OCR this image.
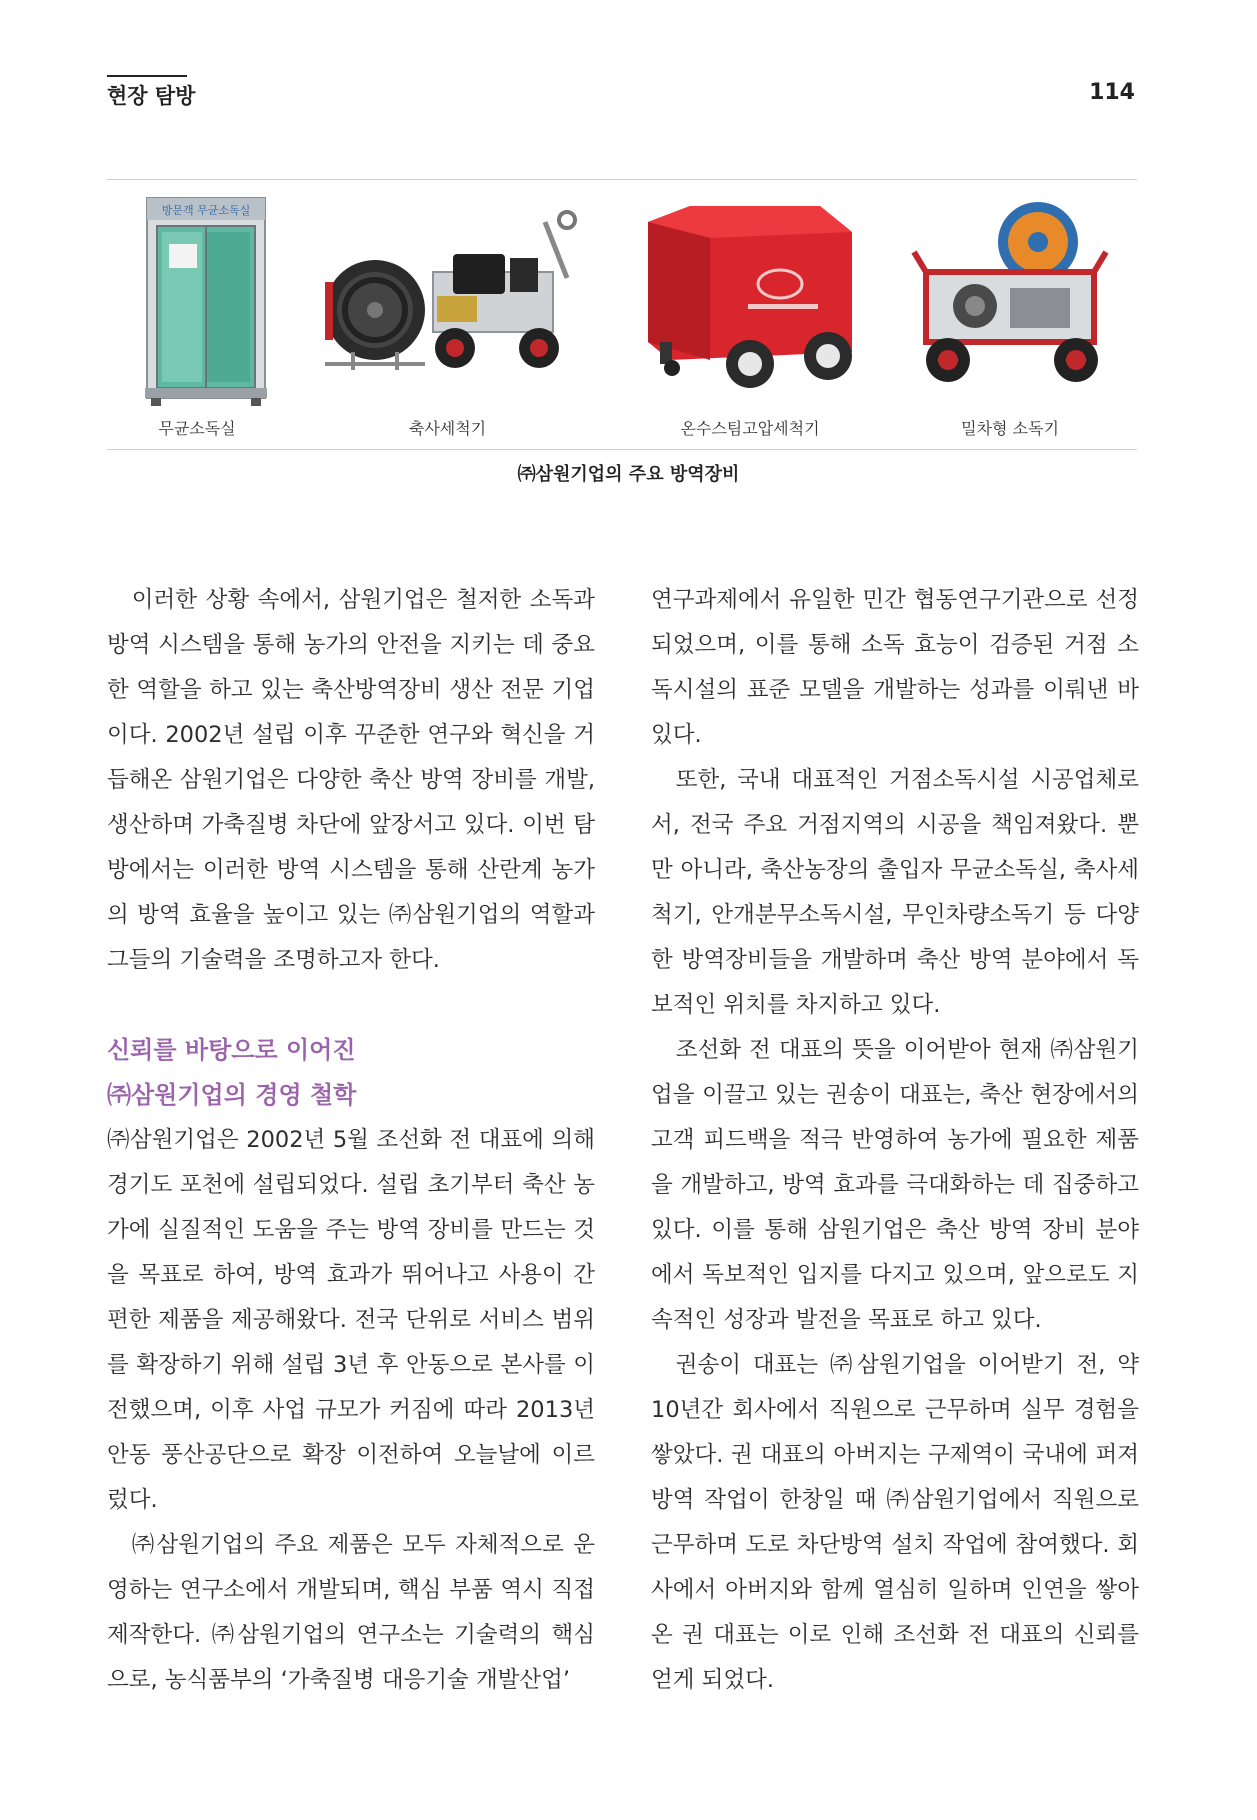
현장 탐방	114
방문객 무균소독실
무균소독실	축사세척기	온수스팀고압세척기	밀차형 소독기
㈜삼원기업의 주요 방역장비

이러한 상황 속에서, 삼원기업은 철저한 소독과 방역 시스템을 통해 농가의 안전을 지키는 데 중요한 역할을 하고 있는 축산방역장비 생산 전문 기업이다. 2002년 설립 이후 꾸준한 연구와 혁신을 거듭해온 삼원기업은 다양한 축산 방역 장비를 개발, 생산하며 가축질병 차단에 앞장서고 있다. 이번 탐방에서는 이러한 방역 시스템을 통해 산란계 농가의 방역 효율을 높이고 있는 ㈜삼원기업의 역할과 그들의 기술력을 조명하고자 한다.

신뢰를 바탕으로 이어진
㈜삼원기업의 경영 철학

㈜삼원기업은 2002년 5월 조선화 전 대표에 의해 경기도 포천에 설립되었다. 설립 초기부터 축산 농가에 실질적인 도움을 주는 방역 장비를 만드는 것을 목표로 하여, 방역 효과가 뛰어나고 사용이 간편한 제품을 제공해왔다. 전국 단위로 서비스 범위를 확장하기 위해 설립 3년 후 안동으로 본사를 이전했으며, 이후 사업 규모가 커짐에 따라 2013년 안동 풍산공단으로 확장 이전하여 오늘날에 이르렀다.

㈜삼원기업의 주요 제품은 모두 자체적으로 운영하는 연구소에서 개발되며, 핵심 부품 역시 직접 제작한다. ㈜삼원기업의 연구소는 기술력의 핵심으로, 농식품부의 ‘가축질병 대응기술 개발산업’

연구과제에서 유일한 민간 협동연구기관으로 선정되었으며, 이를 통해 소독 효능이 검증된 거점 소독시설의 표준 모델을 개발하는 성과를 이뤄낸 바 있다.

또한, 국내 대표적인 거점소독시설 시공업체로서, 전국 주요 거점지역의 시공을 책임져왔다. 뿐만 아니라, 축산농장의 출입자 무균소독실, 축사세척기, 안개분무소독시설, 무인차량소독기 등 다양한 방역장비들을 개발하며 축산 방역 분야에서 독보적인 위치를 차지하고 있다.

조선화 전 대표의 뜻을 이어받아 현재 ㈜삼원기업을 이끌고 있는 권송이 대표는, 축산 현장에서의 고객 피드백을 적극 반영하여 농가에 필요한 제품을 개발하고, 방역 효과를 극대화하는 데 집중하고 있다. 이를 통해 삼원기업은 축산 방역 장비 분야에서 독보적인 입지를 다지고 있으며, 앞으로도 지속적인 성장과 발전을 목표로 하고 있다.

권송이 대표는 ㈜삼원기업을 이어받기 전, 약 10년간 회사에서 직원으로 근무하며 실무 경험을 쌓았다. 권 대표의 아버지는 구제역이 국내에 퍼져 방역 작업이 한창일 때 ㈜삼원기업에서 직원으로 근무하며 도로 차단방역 설치 작업에 참여했다. 회사에서 아버지와 함께 열심히 일하며 인연을 쌓아온 권 대표는 이로 인해 조선화 전 대표의 신뢰를 얻게 되었다.
